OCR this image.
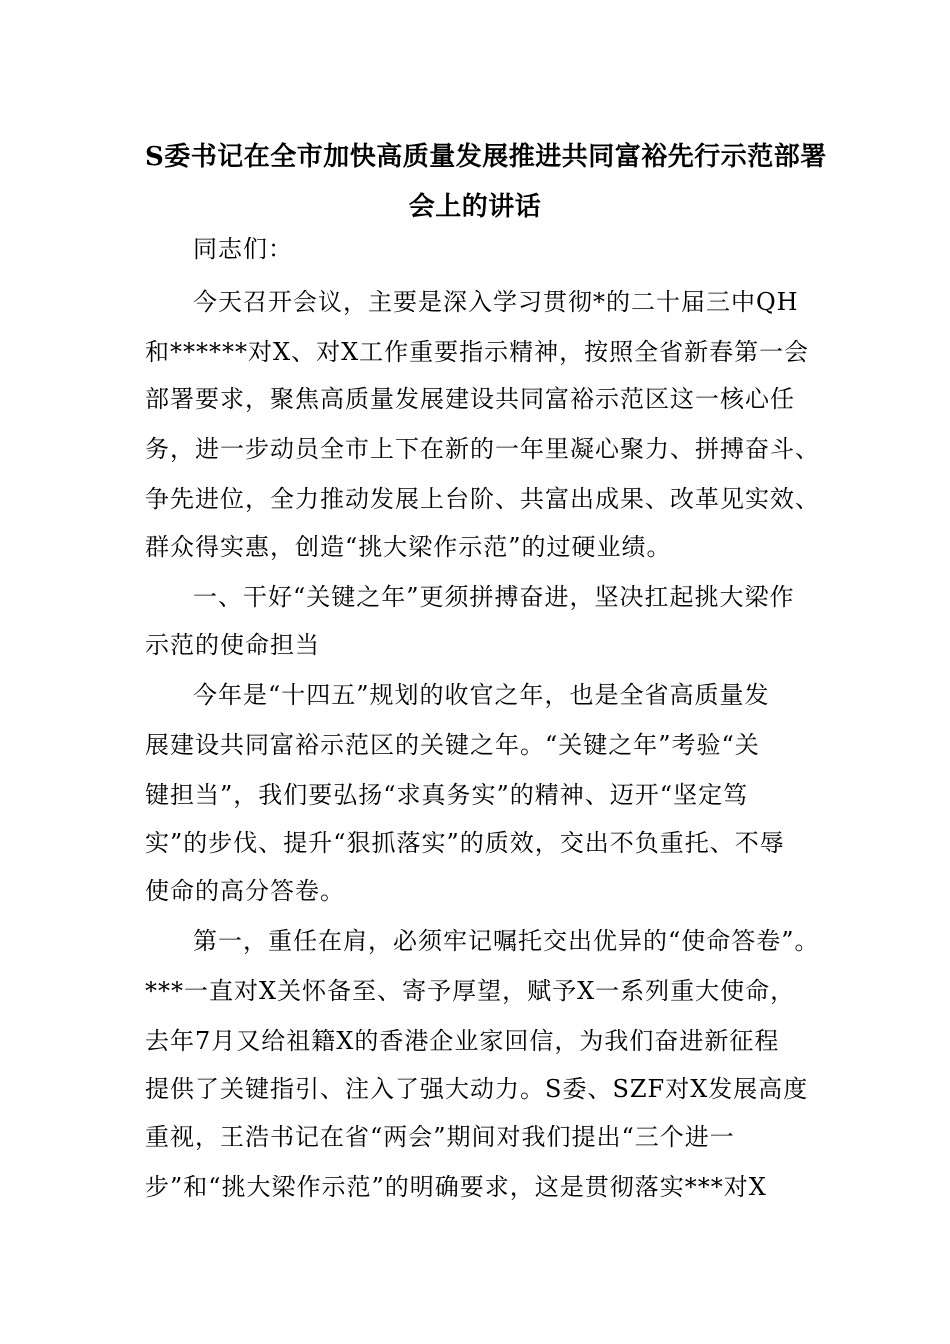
S委书记在全市加快高质量发展推进共同富裕先行示范部署
会上的讲话
同志们：
今天召开会议，主要是深入学习贯彻*的二十届三中QH
和******对X、对X工作重要指示精神，按照全省新春第一会
部署要求，聚焦高质量发展建设共同富裕示范区这一核心任
务，进一步动员全市上下在新的一年里凝心聚力、拼搏奋斗、
争先进位，全力推动发展上台阶、共富出成果、改革见实效、
群众得实惠，创造“挑大梁作示范”的过硬业绩。
一、干好“关键之年”更须拼搏奋进，坚决扛起挑大梁作
示范的使命担当
今年是“十四五”规划的收官之年，也是全省高质量发
展建设共同富裕示范区的关键之年。“关键之年”考验“关
键担当”，我们要弘扬“求真务实”的精神、迈开“坚定笃
实”的步伐、提升“狠抓落实”的质效，交出不负重托、不辱
使命的高分答卷。
第一，重任在肩，必须牢记嘱托交出优异的“使命答卷”。
***一直对X关怀备至、寄予厚望，赋予X一系列重大使命，
去年7月又给祖籍X的香港企业家回信，为我们奋进新征程
提供了关键指引、注入了强大动力。S委、SZF对X发展高度
重视，王浩书记在省“两会”期间对我们提出“三个进一
步”和“挑大梁作示范”的明确要求，这是贯彻落实***对X
